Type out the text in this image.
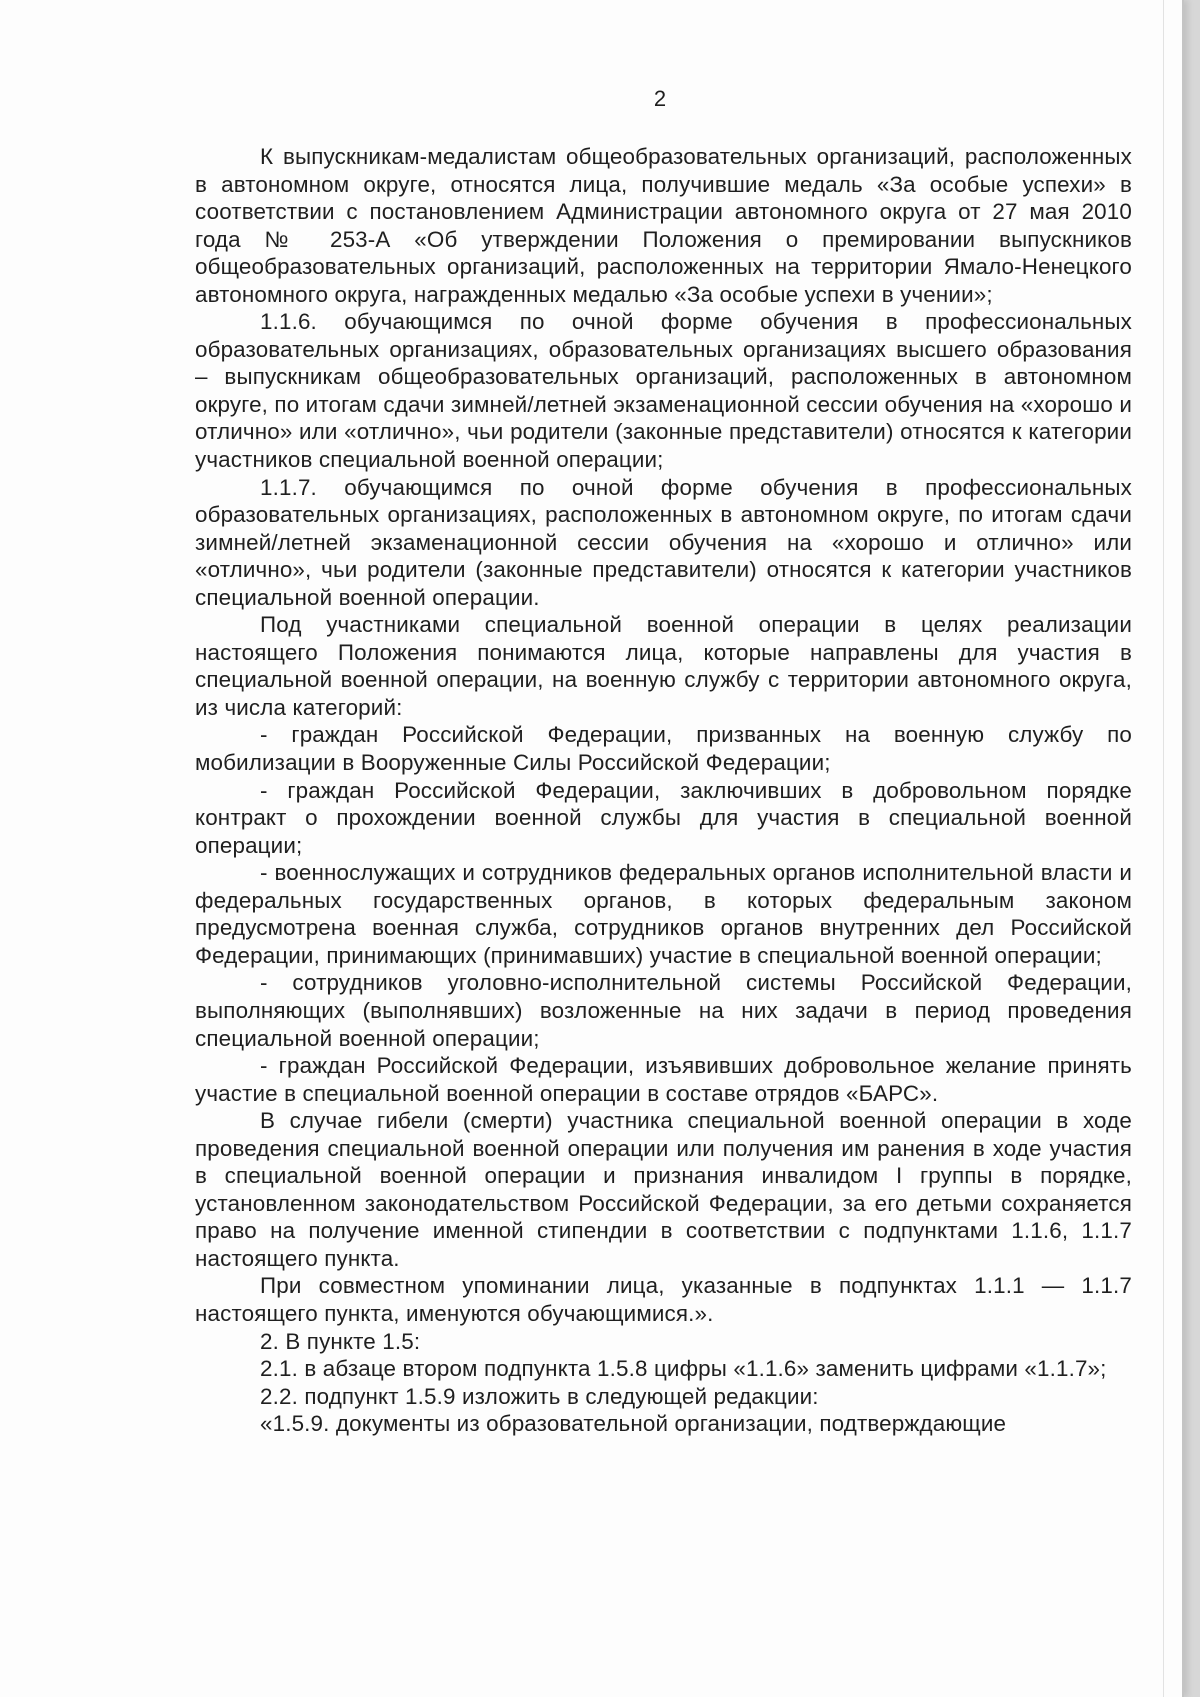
2

К выпускникам-медалистам общеобразовательных организаций, расположенных в автономном округе, относятся лица, получившие медаль «За особые успехи» в соответствии с постановлением Администрации автономного округа от 27 мая 2010 года № 253-А «Об утверждении Положения о премировании выпускников общеобразовательных организаций, расположенных на территории Ямало-Ненецкого автономного округа, награжденных медалью «За особые успехи в учении»;

1.1.6. обучающимся по очной форме обучения в профессиональных образовательных организациях, образовательных организациях высшего образования – выпускникам общеобразовательных организаций, расположенных в автономном округе, по итогам сдачи зимней/летней экзаменационной сессии обучения на «хорошо и отлично» или «отлично», чьи родители (законные представители) относятся к категории участников специальной военной операции;

1.1.7. обучающимся по очной форме обучения в профессиональных образовательных организациях, расположенных в автономном округе, по итогам сдачи зимней/летней экзаменационной сессии обучения на «хорошо и отлично» или «отлично», чьи родители (законные представители) относятся к категории участников специальной военной операции.

Под участниками специальной военной операции в целях реализации настоящего Положения понимаются лица, которые направлены для участия в специальной военной операции, на военную службу с территории автономного округа, из числа категорий:

- граждан Российской Федерации, призванных на военную службу по мобилизации в Вооруженные Силы Российской Федерации;

- граждан Российской Федерации, заключивших в добровольном порядке контракт о прохождении военной службы для участия в специальной военной операции;

- военнослужащих и сотрудников федеральных органов исполнительной власти и федеральных государственных органов, в которых федеральным законом предусмотрена военная служба, сотрудников органов внутренних дел Российской Федерации, принимающих (принимавших) участие в специальной военной операции;

- сотрудников уголовно-исполнительной системы Российской Федерации, выполняющих (выполнявших) возложенные на них задачи в период проведения специальной военной операции;

- граждан Российской Федерации, изъявивших добровольное желание принять участие в специальной военной операции в составе отрядов «БАРС».

В случае гибели (смерти) участника специальной военной операции в ходе проведения специальной военной операции или получения им ранения в ходе участия в специальной военной операции и признания инвалидом I группы в порядке, установленном законодательством Российской Федерации, за его детьми сохраняется право на получение именной стипендии в соответствии с подпунктами 1.1.6, 1.1.7 настоящего пункта.

При совместном упоминании лица, указанные в подпунктах 1.1.1 — 1.1.7 настоящего пункта, именуются обучающимися.».

2. В пункте 1.5:

2.1. в абзаце втором подпункта 1.5.8 цифры «1.1.6» заменить цифрами «1.1.7»;

2.2. подпункт 1.5.9 изложить в следующей редакции:

«1.5.9. документы из образовательной организации, подтверждающие
